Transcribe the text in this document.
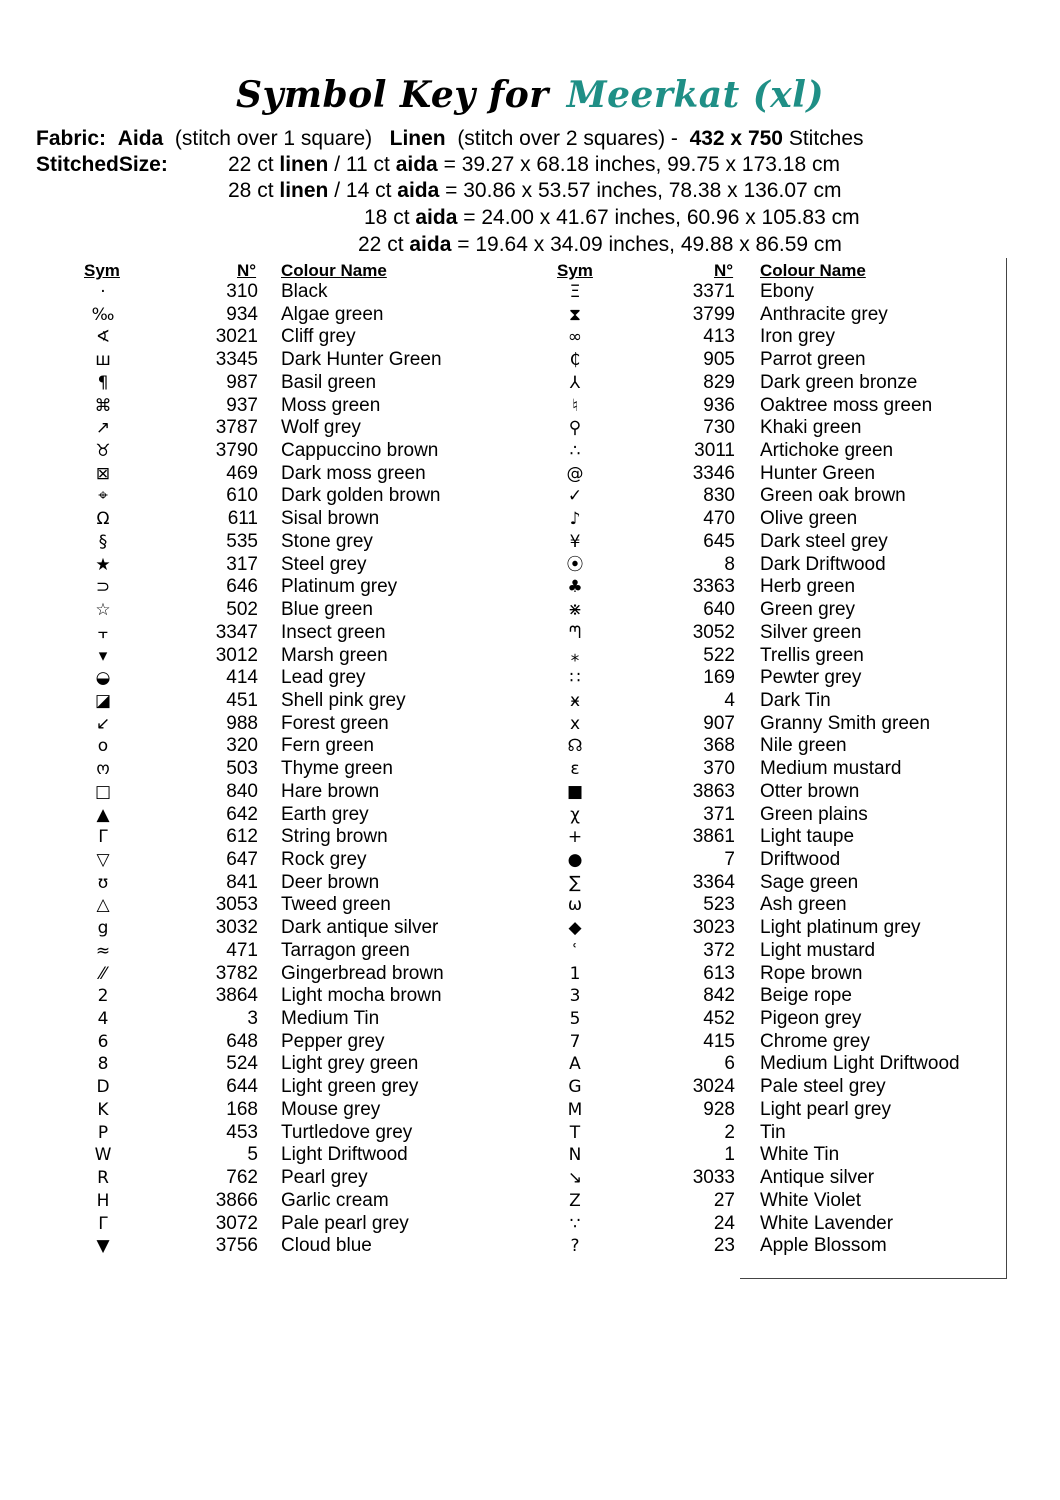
Symbol Key for Meerkat (xl)
Fabric: Aida (stitch over 1 square) Linen (stitch over 2 squares) - 432 x 750 Stitches
StitchedSize:	22 ct linen / 11 ct aida = 39.27 x 68.18 inches, 99.75 x 173.18 cm
28 ct linen / 14 ct aida = 30.86 x 53.57 inches, 78.38 x 136.07 cm
18 ct aida = 24.00 x 41.67 inches, 60.96 x 105.83 cm
22 ct aida = 19.64 x 34.09 inches, 49.88 x 86.59 cm
Sym	N° Colour Name	Sym	N° Colour Name
·	310 Black
‰	934 Algae green
∢	3021 Cliff grey
ш	3345 Dark Hunter Green
¶	987 Basil green
⌘	937 Moss green
↗	3787 Wolf grey
♉	3790 Cappuccino brown
⊠	469 Dark moss green
⌖	610 Dark golden brown
Ω	611 Sisal brown
§	535 Stone grey
★	317 Steel grey
⊃	646 Platinum grey
☆	502 Blue green
⫟	3347 Insect green
▾	3012 Marsh green
◒	414 Lead grey
◪	451 Shell pink grey
↙	988 Forest green
o	320 Fern green
ო	503 Thyme green
□	840 Hare brown
▲	642 Earth grey
Γ	612 String brown
▽	647 Rock grey
ʊ	841 Deer brown
△	3053 Tweed green
g	3032 Dark antique silver
≈	471 Tarragon green
⁄⁄	3782 Gingerbread brown
2	3864 Light mocha brown
4	3 Medium Tin
6	648 Pepper grey
8	524 Light grey green
D	644 Light green grey
K	168 Mouse grey
P	453 Turtledove grey
W	5 Light Driftwood
R	762 Pearl grey
H	3866 Garlic cream
Γ	3072 Pale pearl grey
▼	3756 Cloud blue
Ξ	3371 Ebony
⧗	3799 Anthracite grey
∞	413 Iron grey
₵	905 Parrot green
⅄	829 Dark green bronze
♮	936 Oaktree moss green
⚲	730 Khaki green
∴	3011 Artichoke green
@	3346 Hunter Green
✓	830 Green oak brown
♪	470 Olive green
¥	645 Dark steel grey
⦿	8 Dark Driftwood
♣	3363 Herb green
⋇	640 Green grey
ᘉ	3052 Silver green
⁎	522 Trellis green
∷	169 Pewter grey
ӿ	4 Dark Tin
x	907 Granny Smith green
☊	368 Nile green
ε	370 Medium mustard
■	3863 Otter brown
χ	371 Green plains
+	3861 Light taupe
●	7 Driftwood
∑	3364 Sage green
ω	523 Ash green
◆	3023 Light platinum grey
ʿ	372 Light mustard
1	613 Rope brown
3	842 Beige rope
5	452 Pigeon grey
7	415 Chrome grey
A	6 Medium Light Driftwood
G	3024 Pale steel grey
M	928 Light pearl grey
T	2 Tin
N	1 White Tin
↘	3033 Antique silver
Z	27 White Violet
∵	24 White Lavender
?	23 Apple Blossom
